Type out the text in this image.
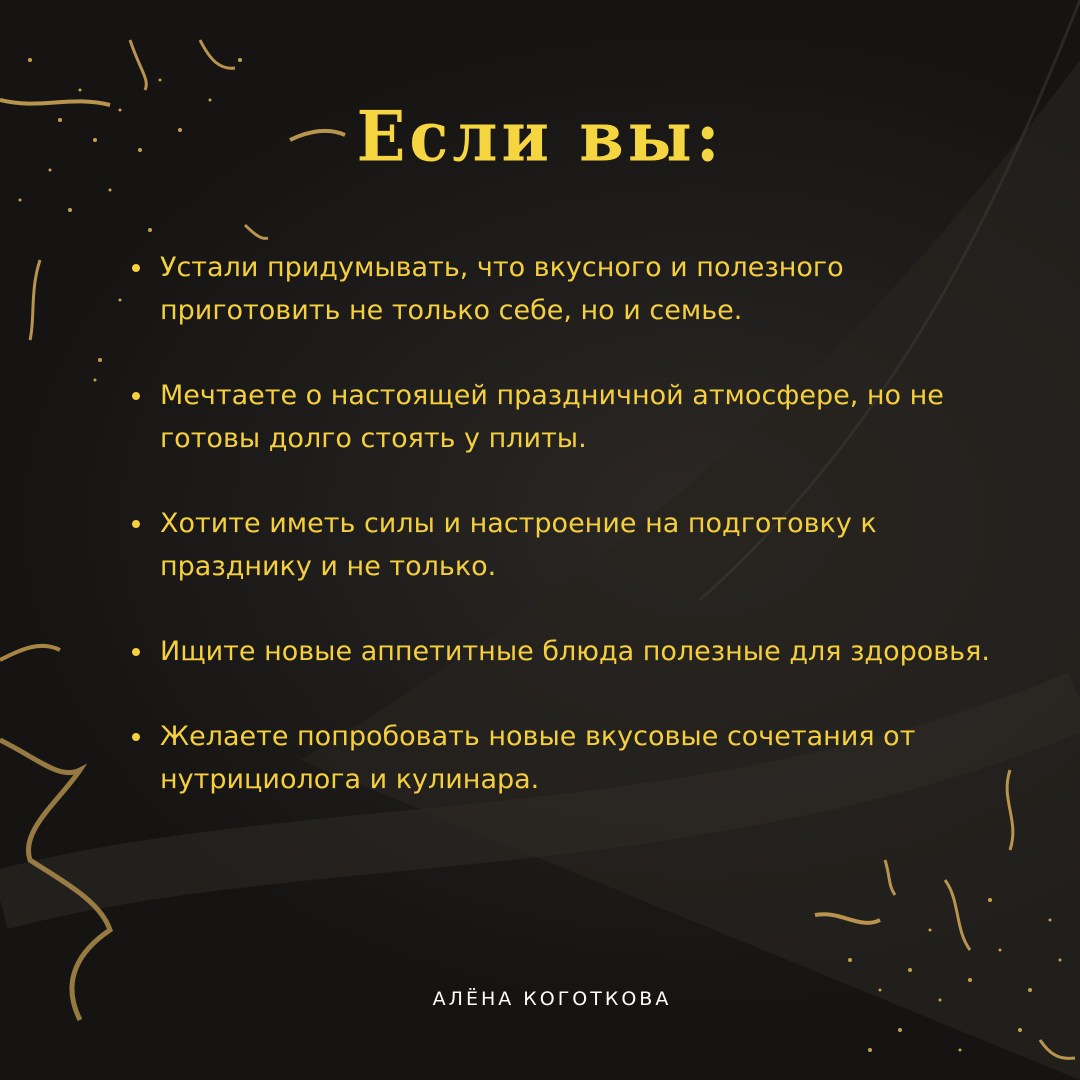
Если вы:
Устали придумывать, что вкусного и полезного приготовить не только себе, но и семье.
Мечтаете о настоящей праздничной атмосфере, но не готовы долго стоять у плиты.
Хотите иметь силы и настроение на подготовку к празднику и не только.
Ищите новые аппетитные блюда полезные для здоровья.
Желаете попробовать новые вкусовые сочетания от нутрициолога и кулинара.
АЛЁНА КОГОТКОВА
